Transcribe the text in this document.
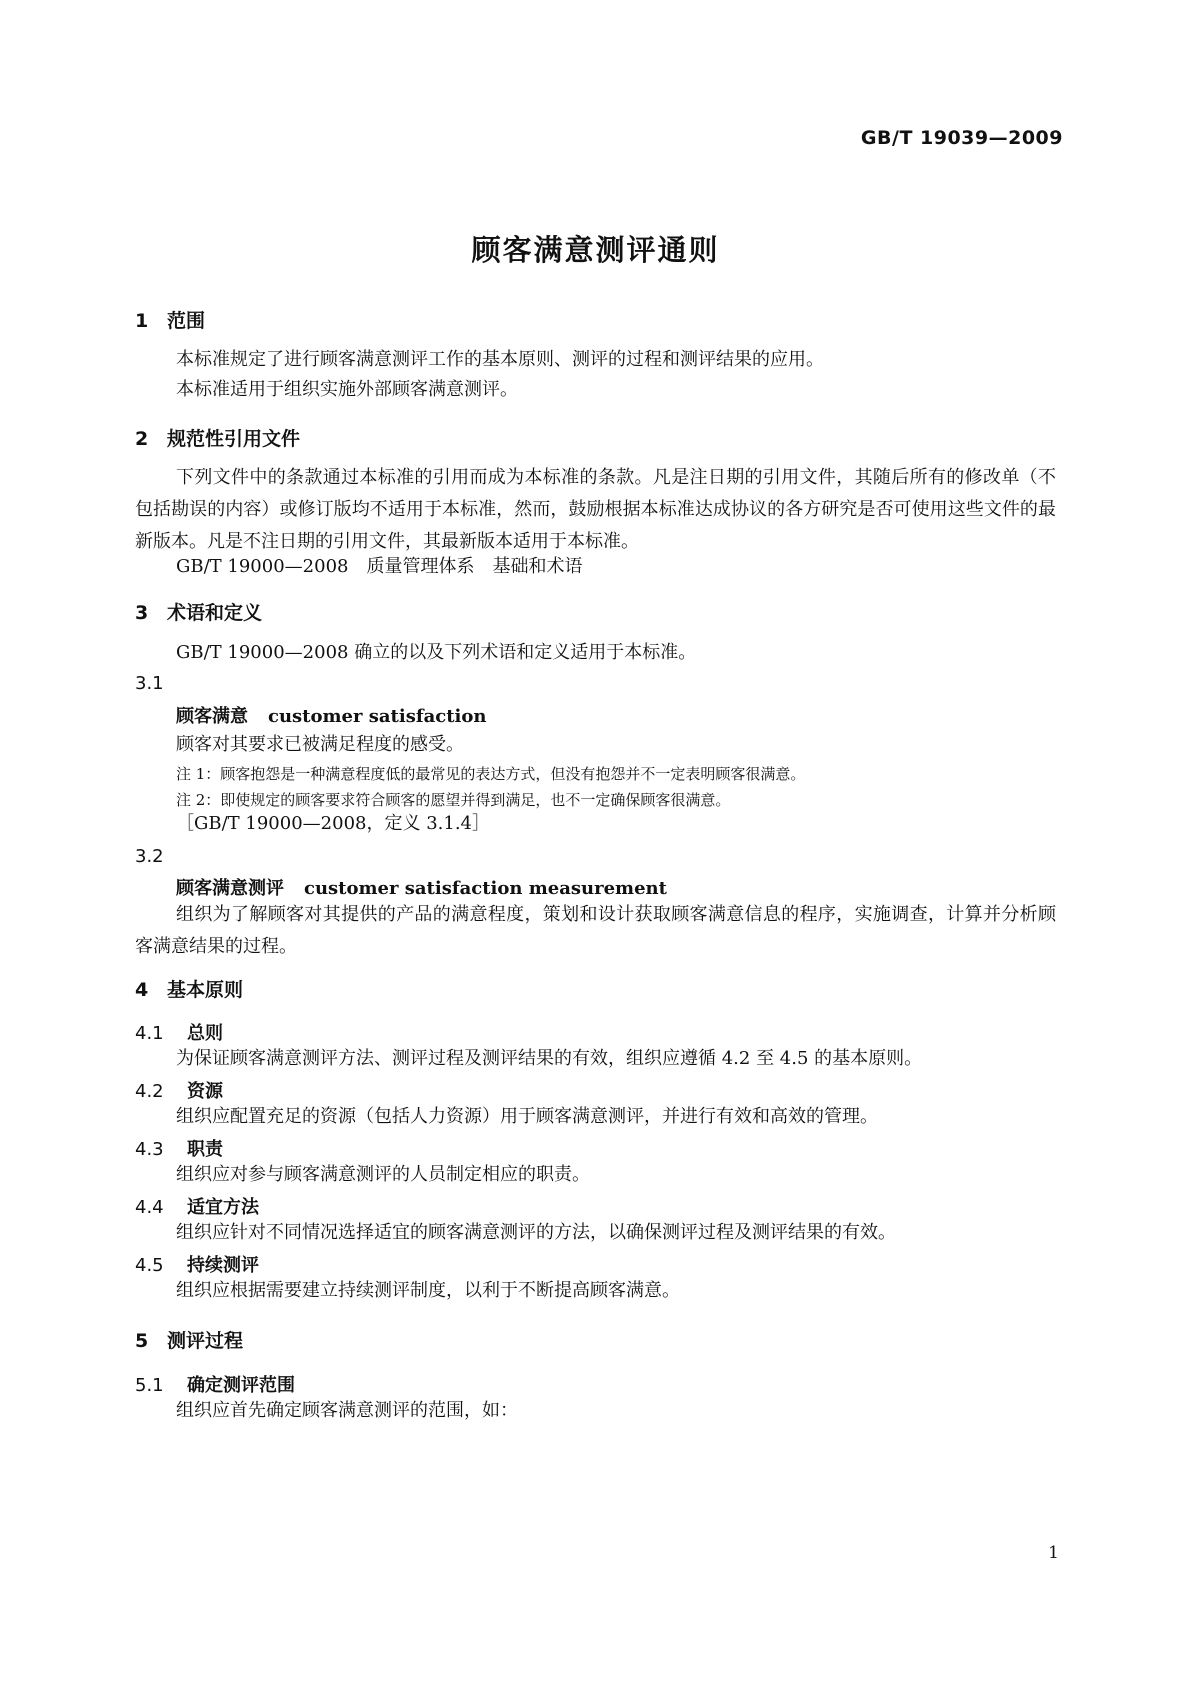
GB/T 19039—2009
顾客满意测评通则
1 范围
本标准规定了进行顾客满意测评工作的基本原则、测评的过程和测评结果的应用。
本标准适用于组织实施外部顾客满意测评。
2 规范性引用文件
下列文件中的条款通过本标准的引用而成为本标准的条款。凡是注日期的引用文件，其随后所有的修改单（不包括勘误的内容）或修订版均不适用于本标准，然而，鼓励根据本标准达成协议的各方研究是否可使用这些文件的最新版本。凡是不注日期的引用文件，其最新版本适用于本标准。
GB/T 19000—2008　质量管理体系　基础和术语
3 术语和定义
GB/T 19000—2008 确立的以及下列术语和定义适用于本标准。
3.1
顾客满意 customer satisfaction
顾客对其要求已被满足程度的感受。
注 1：顾客抱怨是一种满意程度低的最常见的表达方式，但没有抱怨并不一定表明顾客很满意。
注 2：即使规定的顾客要求符合顾客的愿望并得到满足，也不一定确保顾客很满意。
［GB/T 19000—2008，定义 3.1.4］
3.2
顾客满意测评 customer satisfaction measurement
组织为了解顾客对其提供的产品的满意程度，策划和设计获取顾客满意信息的程序，实施调查，计算并分析顾客满意结果的过程。
4 基本原则
4.1 总则
为保证顾客满意测评方法、测评过程及测评结果的有效，组织应遵循 4.2 至 4.5 的基本原则。
4.2 资源
组织应配置充足的资源（包括人力资源）用于顾客满意测评，并进行有效和高效的管理。
4.3 职责
组织应对参与顾客满意测评的人员制定相应的职责。
4.4 适宜方法
组织应针对不同情况选择适宜的顾客满意测评的方法，以确保测评过程及测评结果的有效。
4.5 持续测评
组织应根据需要建立持续测评制度，以利于不断提高顾客满意。
5 测评过程
5.1 确定测评范围
组织应首先确定顾客满意测评的范围，如：
1
